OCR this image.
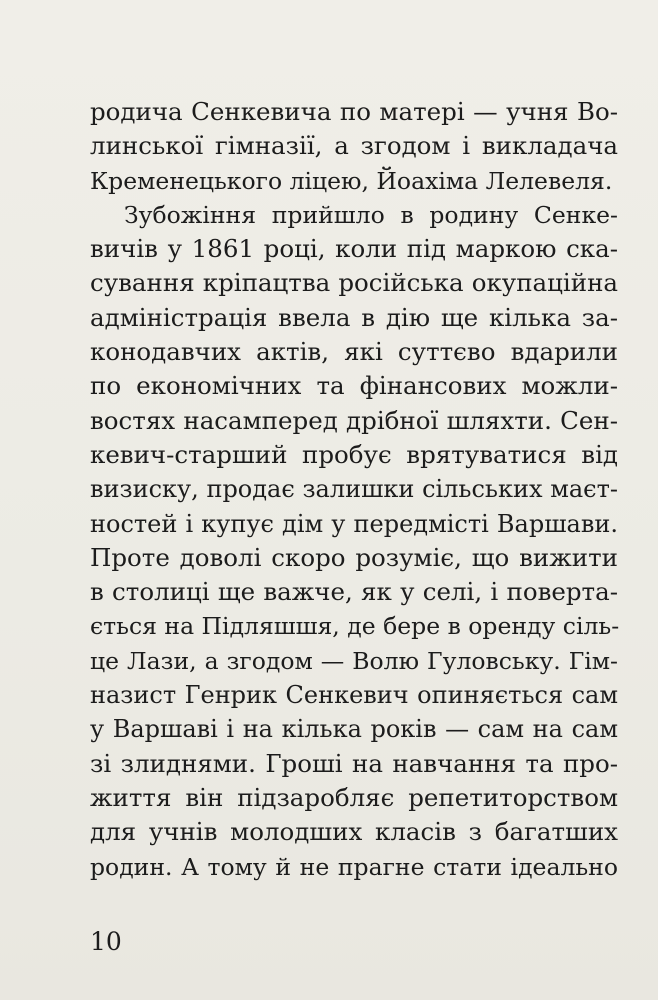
родича Сенкевича по матері — учня Во-
линської гімназії, а згодом і викладача
Кременецького ліцею, Йоахіма Лелевеля.
Зубожіння прийшло в родину Сенке-
вичів у 1861 році, коли під маркою ска-
сування кріпацтва російська окупаційна
адміністрація ввела в дію ще кілька за-
конодавчих актів, які суттєво вдарили
по економічних та фінансових можли-
востях насамперед дрібної шляхти. Сен-
кевич-старший пробує врятуватися від
визиску, продає залишки сільських маєт-
ностей і купує дім у передмісті Варшави.
Проте доволі скоро розуміє, що вижити
в столиці ще важче, як у селі, і поверта-
ється на Підляшшя, де бере в оренду сіль-
це Лази, а згодом — Волю Гуловську. Гім-
назист Генрик Сенкевич опиняється сам
у Варшаві і на кілька років — сам на сам
зі злиднями. Гроші на навчання та про-
життя він підзаробляє репетиторством
для учнів молодших класів з багатших
родин. А тому й не прагне стати ідеально
10
